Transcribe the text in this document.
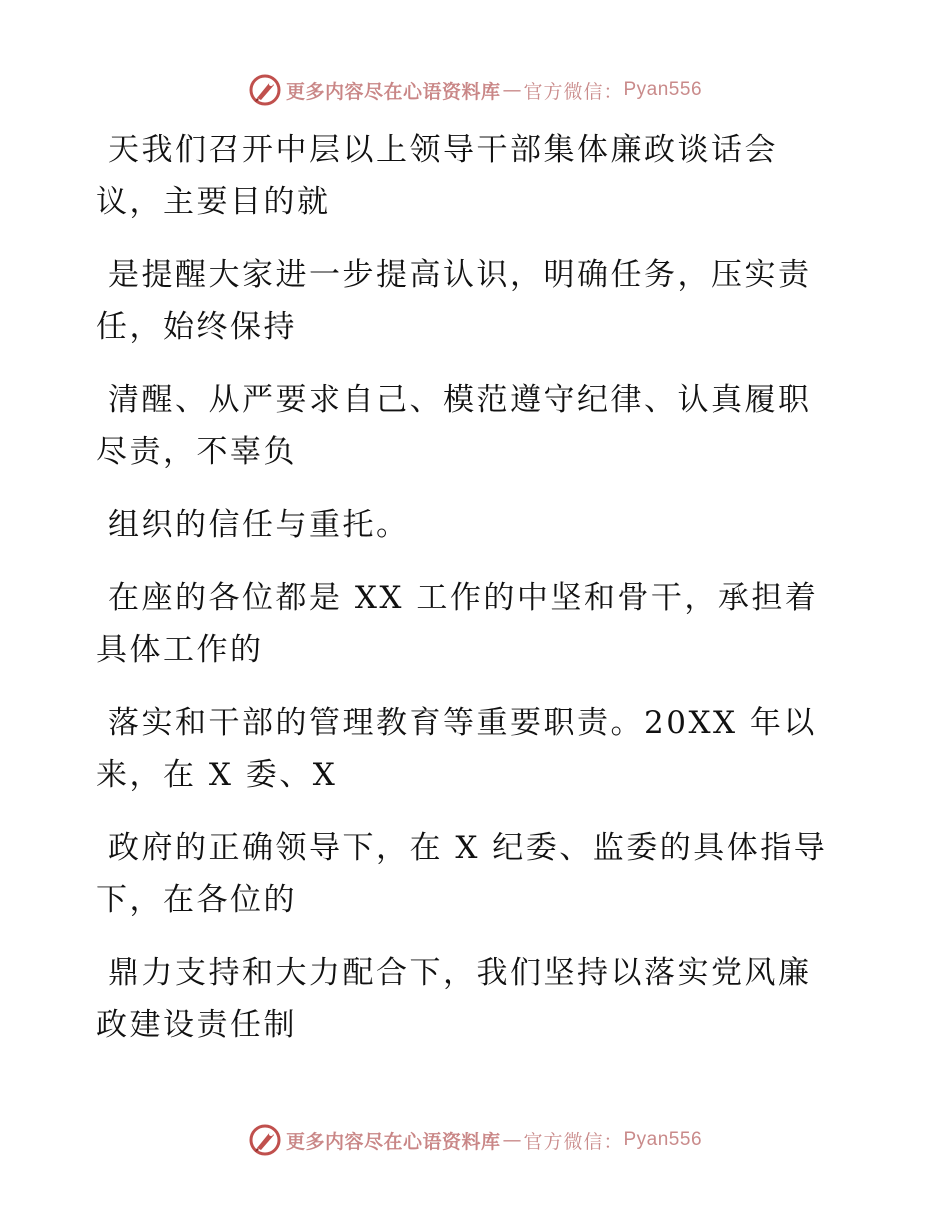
更多内容尽在心语资料库 — 官方微信： Pyan556

天我们召开中层以上领导干部集体廉政谈话会
议，主要目的就

是提醒大家进一步提高认识，明确任务，压实责
任，始终保持

清醒、从严要求自己、模范遵守纪律、认真履职
尽责，不辜负

组织的信任与重托。

在座的各位都是 XX 工作的中坚和骨干，承担着
具体工作的

落实和干部的管理教育等重要职责。20XX 年以
来，在 X 委、X

政府的正确领导下，在 X 纪委、监委的具体指导
下，在各位的

鼎力支持和大力配合下，我们坚持以落实党风廉
政建设责任制

更多内容尽在心语资料库 — 官方微信： Pyan556
